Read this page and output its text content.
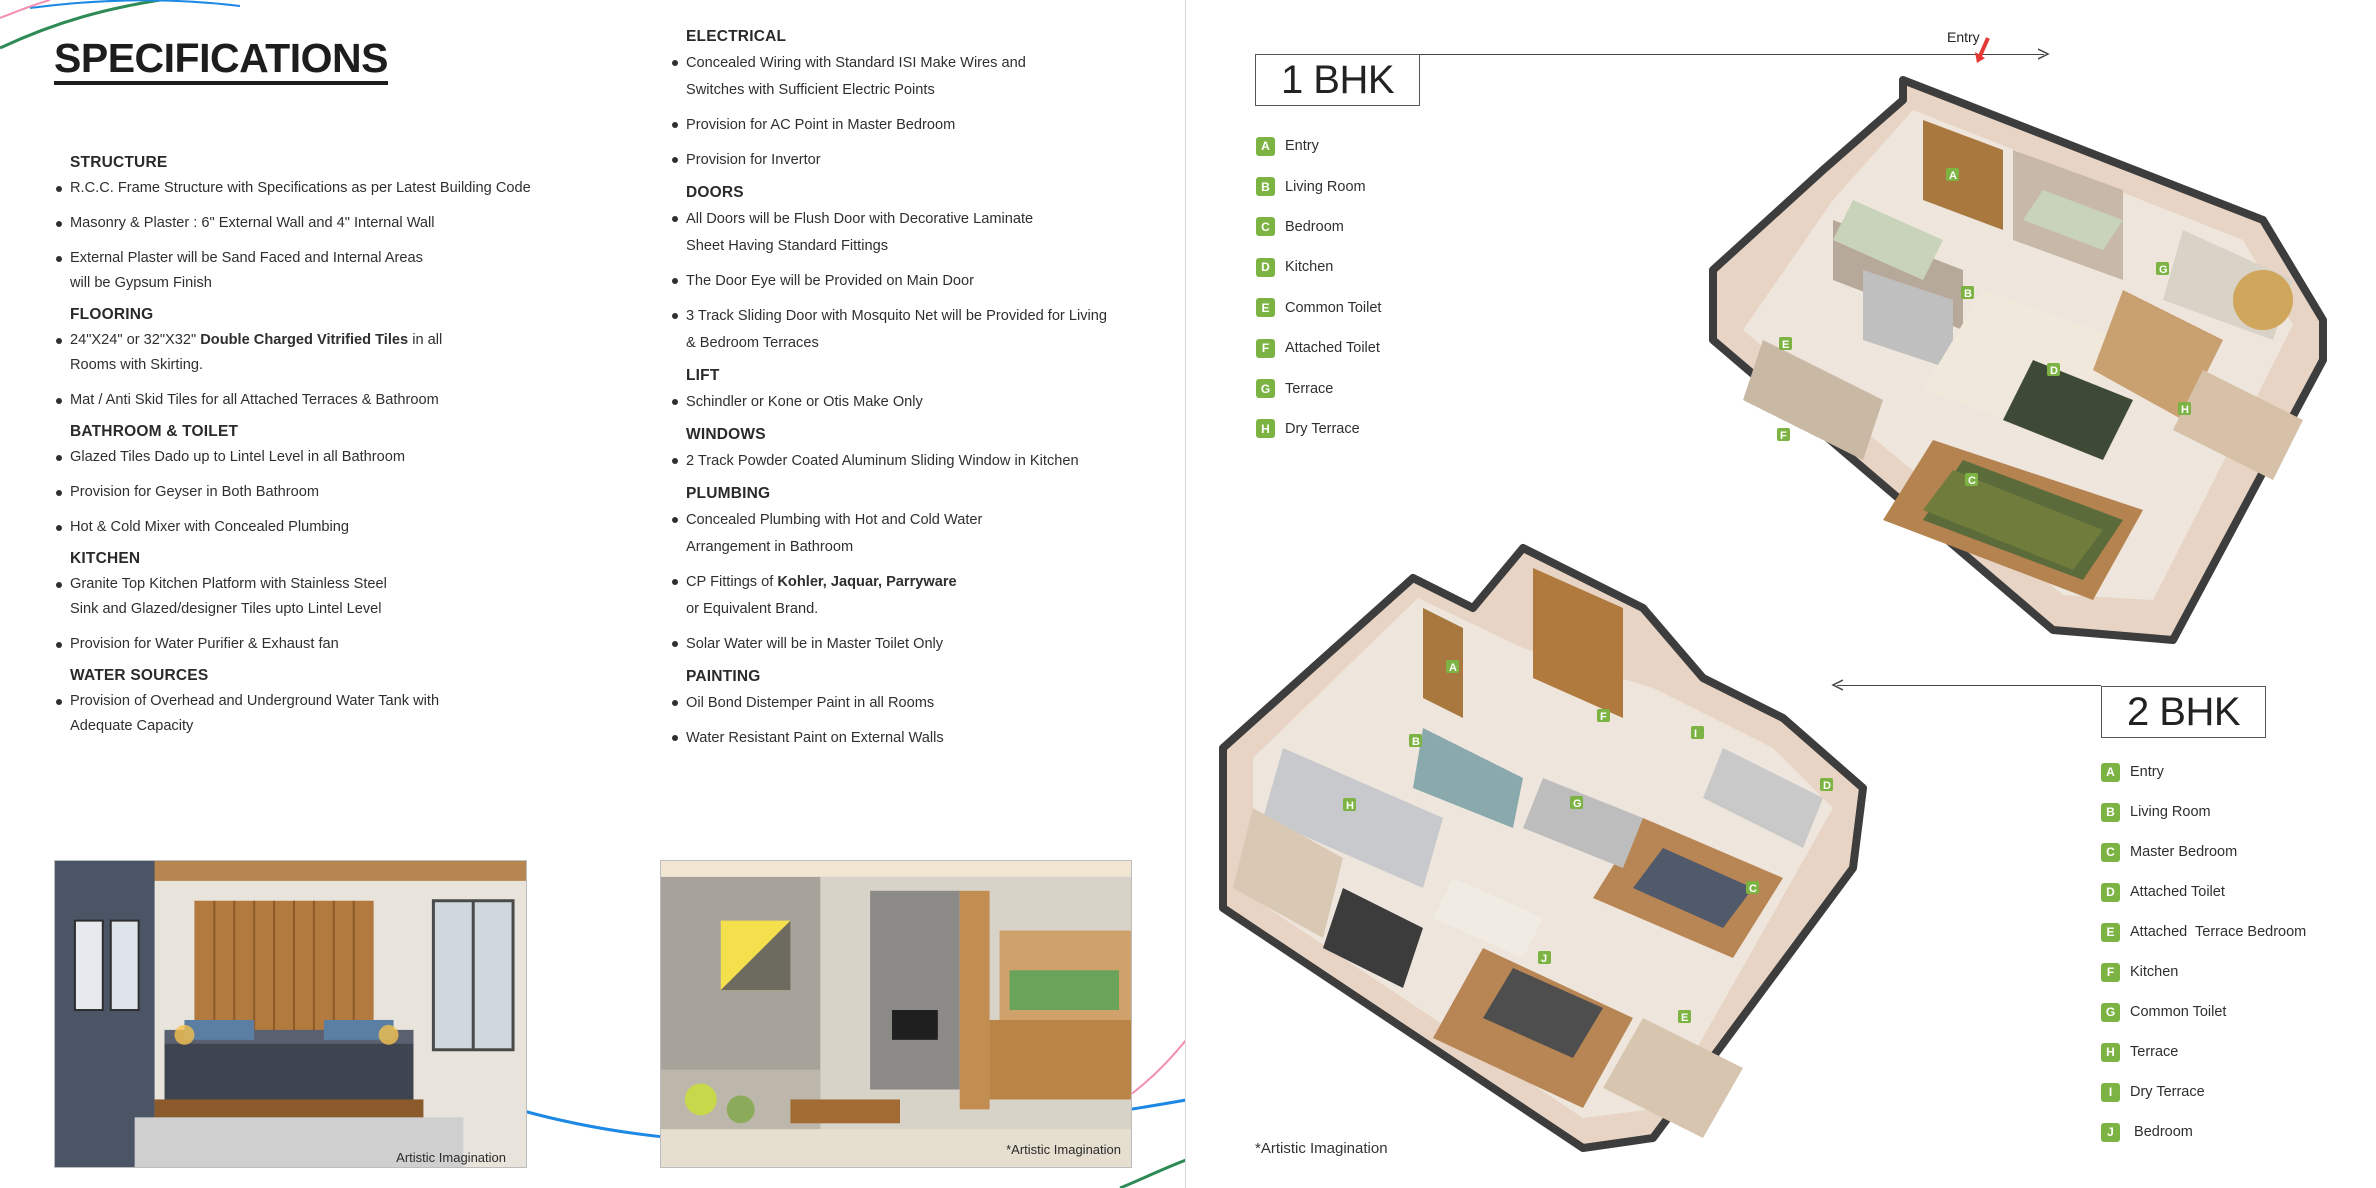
SPECIFICATIONS
STRUCTURE
R.C.C. Frame Structure with Specifications as per Latest Building Code
Masonry & Plaster : 6" External Wall and 4" Internal Wall
External Plaster will be Sand Faced and Internal Areas
will be Gypsum Finish
FLOORING
24"X24" or 32"X32" Double Charged Vitrified Tiles in all
Rooms with Skirting.
Mat / Anti Skid Tiles for all Attached Terraces & Bathroom
BATHROOM & TOILET
Glazed Tiles Dado up to Lintel Level in all Bathroom
Provision for Geyser in Both Bathroom
Hot & Cold Mixer with Concealed Plumbing
KITCHEN
Granite Top Kitchen Platform with Stainless Steel
Sink and Glazed/designer Tiles upto Lintel Level
Provision for Water Purifier & Exhaust fan
WATER SOURCES
Provision of Overhead and Underground Water Tank with
Adequate Capacity
ELECTRICAL
Concealed Wiring with Standard ISI Make Wires and
Switches with Sufficient Electric Points
Provision for AC Point in Master Bedroom
Provision for Invertor
DOORS
All Doors will be Flush Door with Decorative Laminate
Sheet Having Standard Fittings
The Door Eye will be Provided on Main Door
3 Track Sliding Door with Mosquito Net will be Provided for Living
& Bedroom Terraces
LIFT
Schindler or Kone or Otis Make Only
WINDOWS
2 Track Powder Coated Aluminum Sliding Window in Kitchen
PLUMBING
Concealed Plumbing with Hot and Cold Water
Arrangement in Bathroom
CP Fittings of Kohler, Jaquar, Parryware
or Equivalent Brand.
Solar Water will be in Master Toilet Only
PAINTING
Oil Bond Distemper Paint in all Rooms
Water Resistant Paint on External Walls
Artistic Imagination
*Artistic Imagination
1 BHK
A	Entry
B	Living Room
C	Bedroom
D	Kitchen
E	Common Toilet
F	Attached Toilet
G	Terrace
H	Dry Terrace
Entry
A
B
C
D
E
F
G
H
2 BHK
A	Entry
B	Living Room
C	Master Bedroom
D	Attached Toilet
E	Attached  Terrace Bedroom
F	Kitchen
G	Common Toilet
H	Terrace
I	Dry Terrace
J	Bedroom
A
B
C
D
E
F
G
H
I
J
*Artistic Imagination
